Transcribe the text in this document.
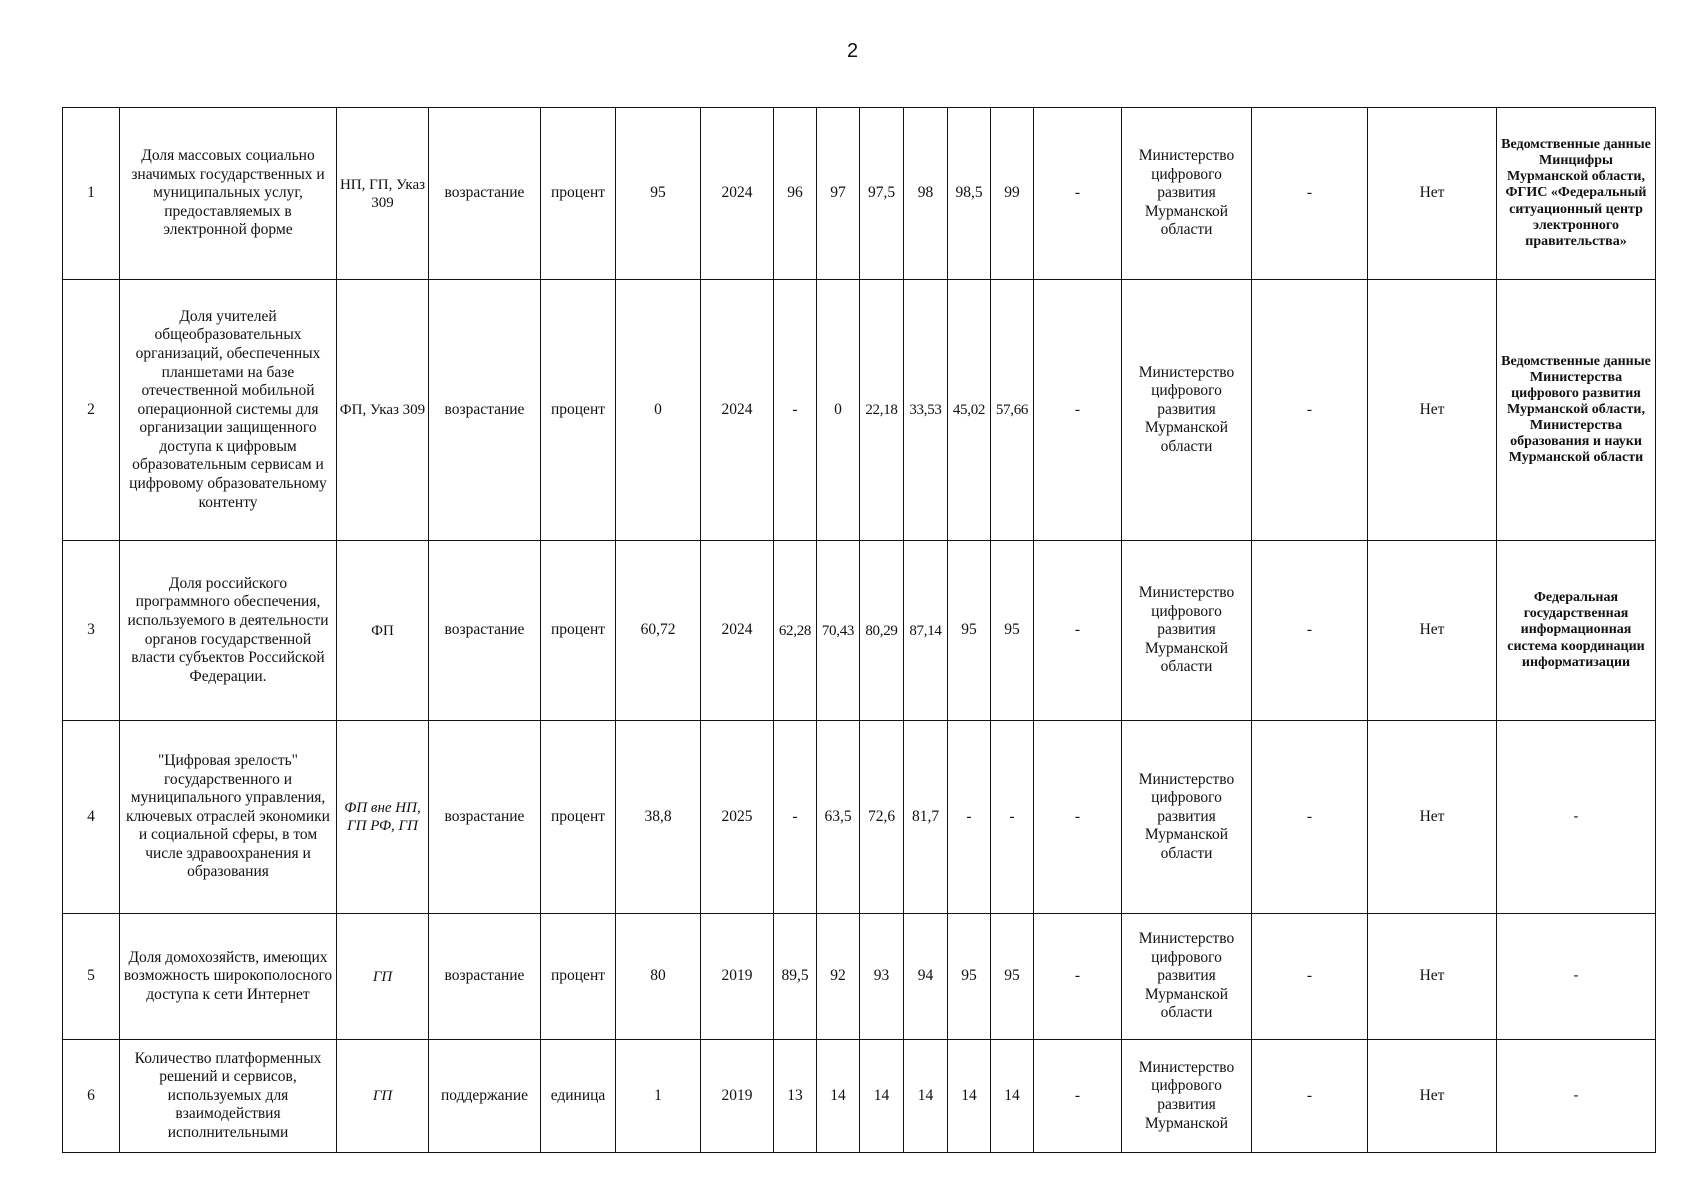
2
1	Доля массовых социально значимых государственных и муниципальных услуг, предоставляемых в электронной форме	НП, ГП, Указ 309	возрастание	процент	95	2024	96	97	97,5	98	98,5	99	-	Министерство цифрового развития Мурманской области	-	Нет	Ведомственные данные Минцифры Мурманской области, ФГИС «Федеральный ситуационный центр электронного правительства»
2	Доля учителей общеобразовательных организаций, обеспеченных планшетами на базе отечественной мобильной операционной системы для организации защищенного доступа к цифровым образовательным сервисам и цифровому образовательному контенту	ФП, Указ 309	возрастание	процент	0	2024	-	0	22,18	33,53	45,02	57,66	-	Министерство цифрового развития Мурманской области	-	Нет	Ведомственные данные Министерства цифрового развития Мурманской области, Министерства образования и науки Мурманской области
3	Доля российского программного обеспечения, используемого в деятельности органов государственной власти субъектов Российской Федерации.	ФП	возрастание	процент	60,72	2024	62,28	70,43	80,29	87,14	95	95	-	Министерство цифрового развития Мурманской области	-	Нет	Федеральная государственная информационная система координации информатизации
4	"Цифровая зрелость" государственного и муниципального управления, ключевых отраслей экономики и социальной сферы, в том числе здравоохранения и образования	ФП вне НП, ГП РФ, ГП	возрастание	процент	38,8	2025	-	63,5	72,6	81,7	-	-	-	Министерство цифрового развития Мурманской области	-	Нет	-
5	Доля домохозяйств, имеющих возможность широкополосного доступа к сети Интернет	ГП	возрастание	процент	80	2019	89,5	92	93	94	95	95	-	Министерство цифрового развития Мурманской области	-	Нет	-
6	Количество платформенных решений и сервисов, используемых для взаимодействия исполнительными	ГП	поддержание	единица	1	2019	13	14	14	14	14	14	-	Министерство цифрового развития Мурманской	-	Нет	-
